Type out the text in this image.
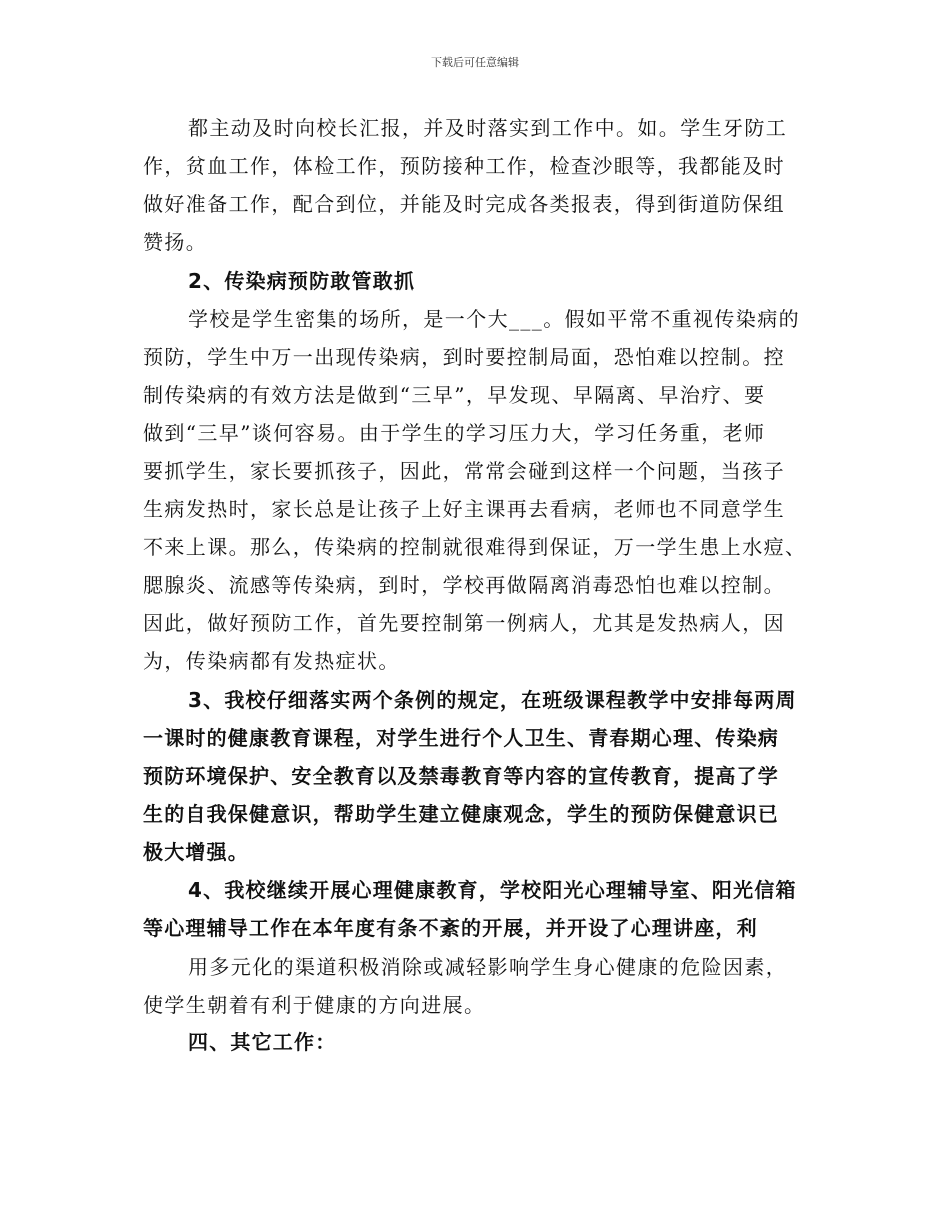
下载后可任意编辑
都主动及时向校长汇报，并及时落实到工作中。如。学生牙防工
作，贫血工作，体检工作，预防接种工作，检查沙眼等，我都能及时
做好准备工作，配合到位，并能及时完成各类报表，得到街道防保组
赞扬。
2、传染病预防敢管敢抓
学校是学生密集的场所，是一个大___。假如平常不重视传染病的
预防，学生中万一出现传染病，到时要控制局面，恐怕难以控制。控
制传染病的有效方法是做到“三早”，早发现、早隔离、早治疗、要
做到“三早”谈何容易。由于学生的学习压力大，学习任务重，老师
要抓学生，家长要抓孩子，因此，常常会碰到这样一个问题，当孩子
生病发热时，家长总是让孩子上好主课再去看病，老师也不同意学生
不来上课。那么，传染病的控制就很难得到保证，万一学生患上水痘、
腮腺炎、流感等传染病，到时，学校再做隔离消毒恐怕也难以控制。
因此，做好预防工作，首先要控制第一例病人，尤其是发热病人，因
为，传染病都有发热症状。
3、我校仔细落实两个条例的规定，在班级课程教学中安排每两周
一课时的健康教育课程，对学生进行个人卫生、青春期心理、传染病
预防环境保护、安全教育以及禁毒教育等内容的宣传教育，提高了学
生的自我保健意识，帮助学生建立健康观念，学生的预防保健意识已
极大增强。
4、我校继续开展心理健康教育，学校阳光心理辅导室、阳光信箱
等心理辅导工作在本年度有条不紊的开展，并开设了心理讲座，利
用多元化的渠道积极消除或减轻影响学生身心健康的危险因素，
使学生朝着有利于健康的方向进展。
四、其它工作：
